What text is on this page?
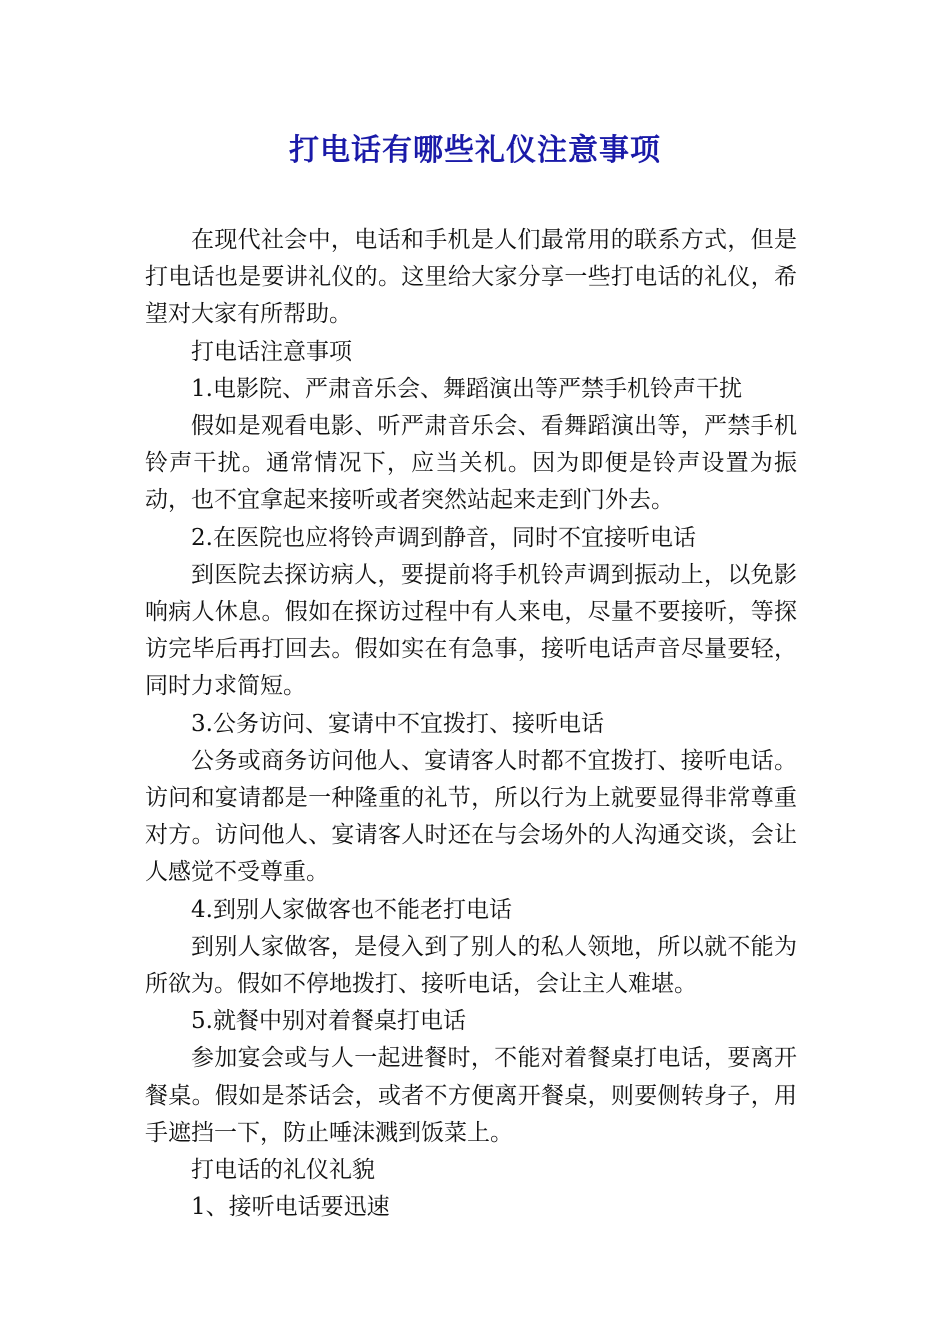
打电话有哪些礼仪注意事项

在现代社会中，电话和手机是人们最常用的联系方式，但是打电话也是要讲礼仪的。这里给大家分享一些打电话的礼仪，希望对大家有所帮助。

打电话注意事项

1.电影院、严肃音乐会、舞蹈演出等严禁手机铃声干扰

假如是观看电影、听严肃音乐会、看舞蹈演出等，严禁手机铃声干扰。通常情况下，应当关机。因为即便是铃声设置为振动，也不宜拿起来接听或者突然站起来走到门外去。

2.在医院也应将铃声调到静音，同时不宜接听电话

到医院去探访病人，要提前将手机铃声调到振动上，以免影响病人休息。假如在探访过程中有人来电，尽量不要接听，等探访完毕后再打回去。假如实在有急事，接听电话声音尽量要轻，同时力求简短。

3.公务访问、宴请中不宜拨打、接听电话

公务或商务访问他人、宴请客人时都不宜拨打、接听电话。访问和宴请都是一种隆重的礼节，所以行为上就要显得非常尊重对方。访问他人、宴请客人时还在与会场外的人沟通交谈，会让人感觉不受尊重。

4.到别人家做客也不能老打电话

到别人家做客，是侵入到了别人的私人领地，所以就不能为所欲为。假如不停地拨打、接听电话，会让主人难堪。

5.就餐中别对着餐桌打电话

参加宴会或与人一起进餐时，不能对着餐桌打电话，要离开餐桌。假如是茶话会，或者不方便离开餐桌，则要侧转身子，用手遮挡一下，防止唾沫溅到饭菜上。

打电话的礼仪礼貌

1、接听电话要迅速
